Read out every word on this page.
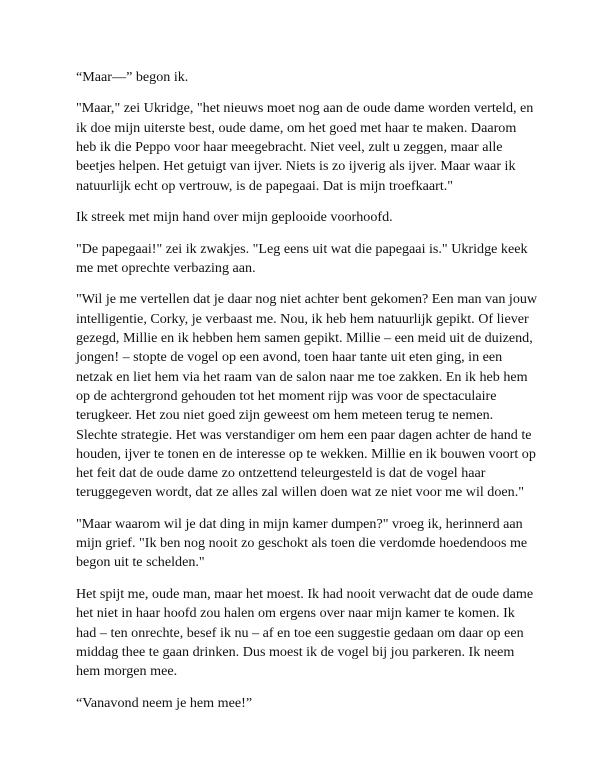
“Maar—” begon ik.

"Maar," zei Ukridge, "het nieuws moet nog aan de oude dame worden verteld, en ik doe mijn uiterste best, oude dame, om het goed met haar te maken. Daarom heb ik die Peppo voor haar meegebracht. Niet veel, zult u zeggen, maar alle beetjes helpen. Het getuigt van ijver. Niets is zo ijverig als ijver. Maar waar ik natuurlijk echt op vertrouw, is de papegaai. Dat is mijn troefkaart."

Ik streek met mijn hand over mijn geplooide voorhoofd.

"De papegaai!" zei ik zwakjes. "Leg eens uit wat die papegaai is." Ukridge keek me met oprechte verbazing aan.

"Wil je me vertellen dat je daar nog niet achter bent gekomen? Een man van jouw intelligentie, Corky, je verbaast me. Nou, ik heb hem natuurlijk gepikt. Of liever gezegd, Millie en ik hebben hem samen gepikt. Millie – een meid uit de duizend, jongen! – stopte de vogel op een avond, toen haar tante uit eten ging, in een netzak en liet hem via het raam van de salon naar me toe zakken. En ik heb hem op de achtergrond gehouden tot het moment rijp was voor de spectaculaire terugkeer. Het zou niet goed zijn geweest om hem meteen terug te nemen. Slechte strategie. Het was verstandiger om hem een paar dagen achter de hand te houden, ijver te tonen en de interesse op te wekken. Millie en ik bouwen voort op het feit dat de oude dame zo ontzettend teleurgesteld is dat de vogel haar teruggegeven wordt, dat ze alles zal willen doen wat ze niet voor me wil doen."

"Maar waarom wil je dat ding in mijn kamer dumpen?" vroeg ik, herinnerd aan mijn grief. "Ik ben nog nooit zo geschokt als toen die verdomde hoedendoos me begon uit te schelden."

Het spijt me, oude man, maar het moest. Ik had nooit verwacht dat de oude dame het niet in haar hoofd zou halen om ergens over naar mijn kamer te komen. Ik had – ten onrechte, besef ik nu – af en toe een suggestie gedaan om daar op een middag thee te gaan drinken. Dus moest ik de vogel bij jou parkeren. Ik neem hem morgen mee.

“Vanavond neem je hem mee!”
